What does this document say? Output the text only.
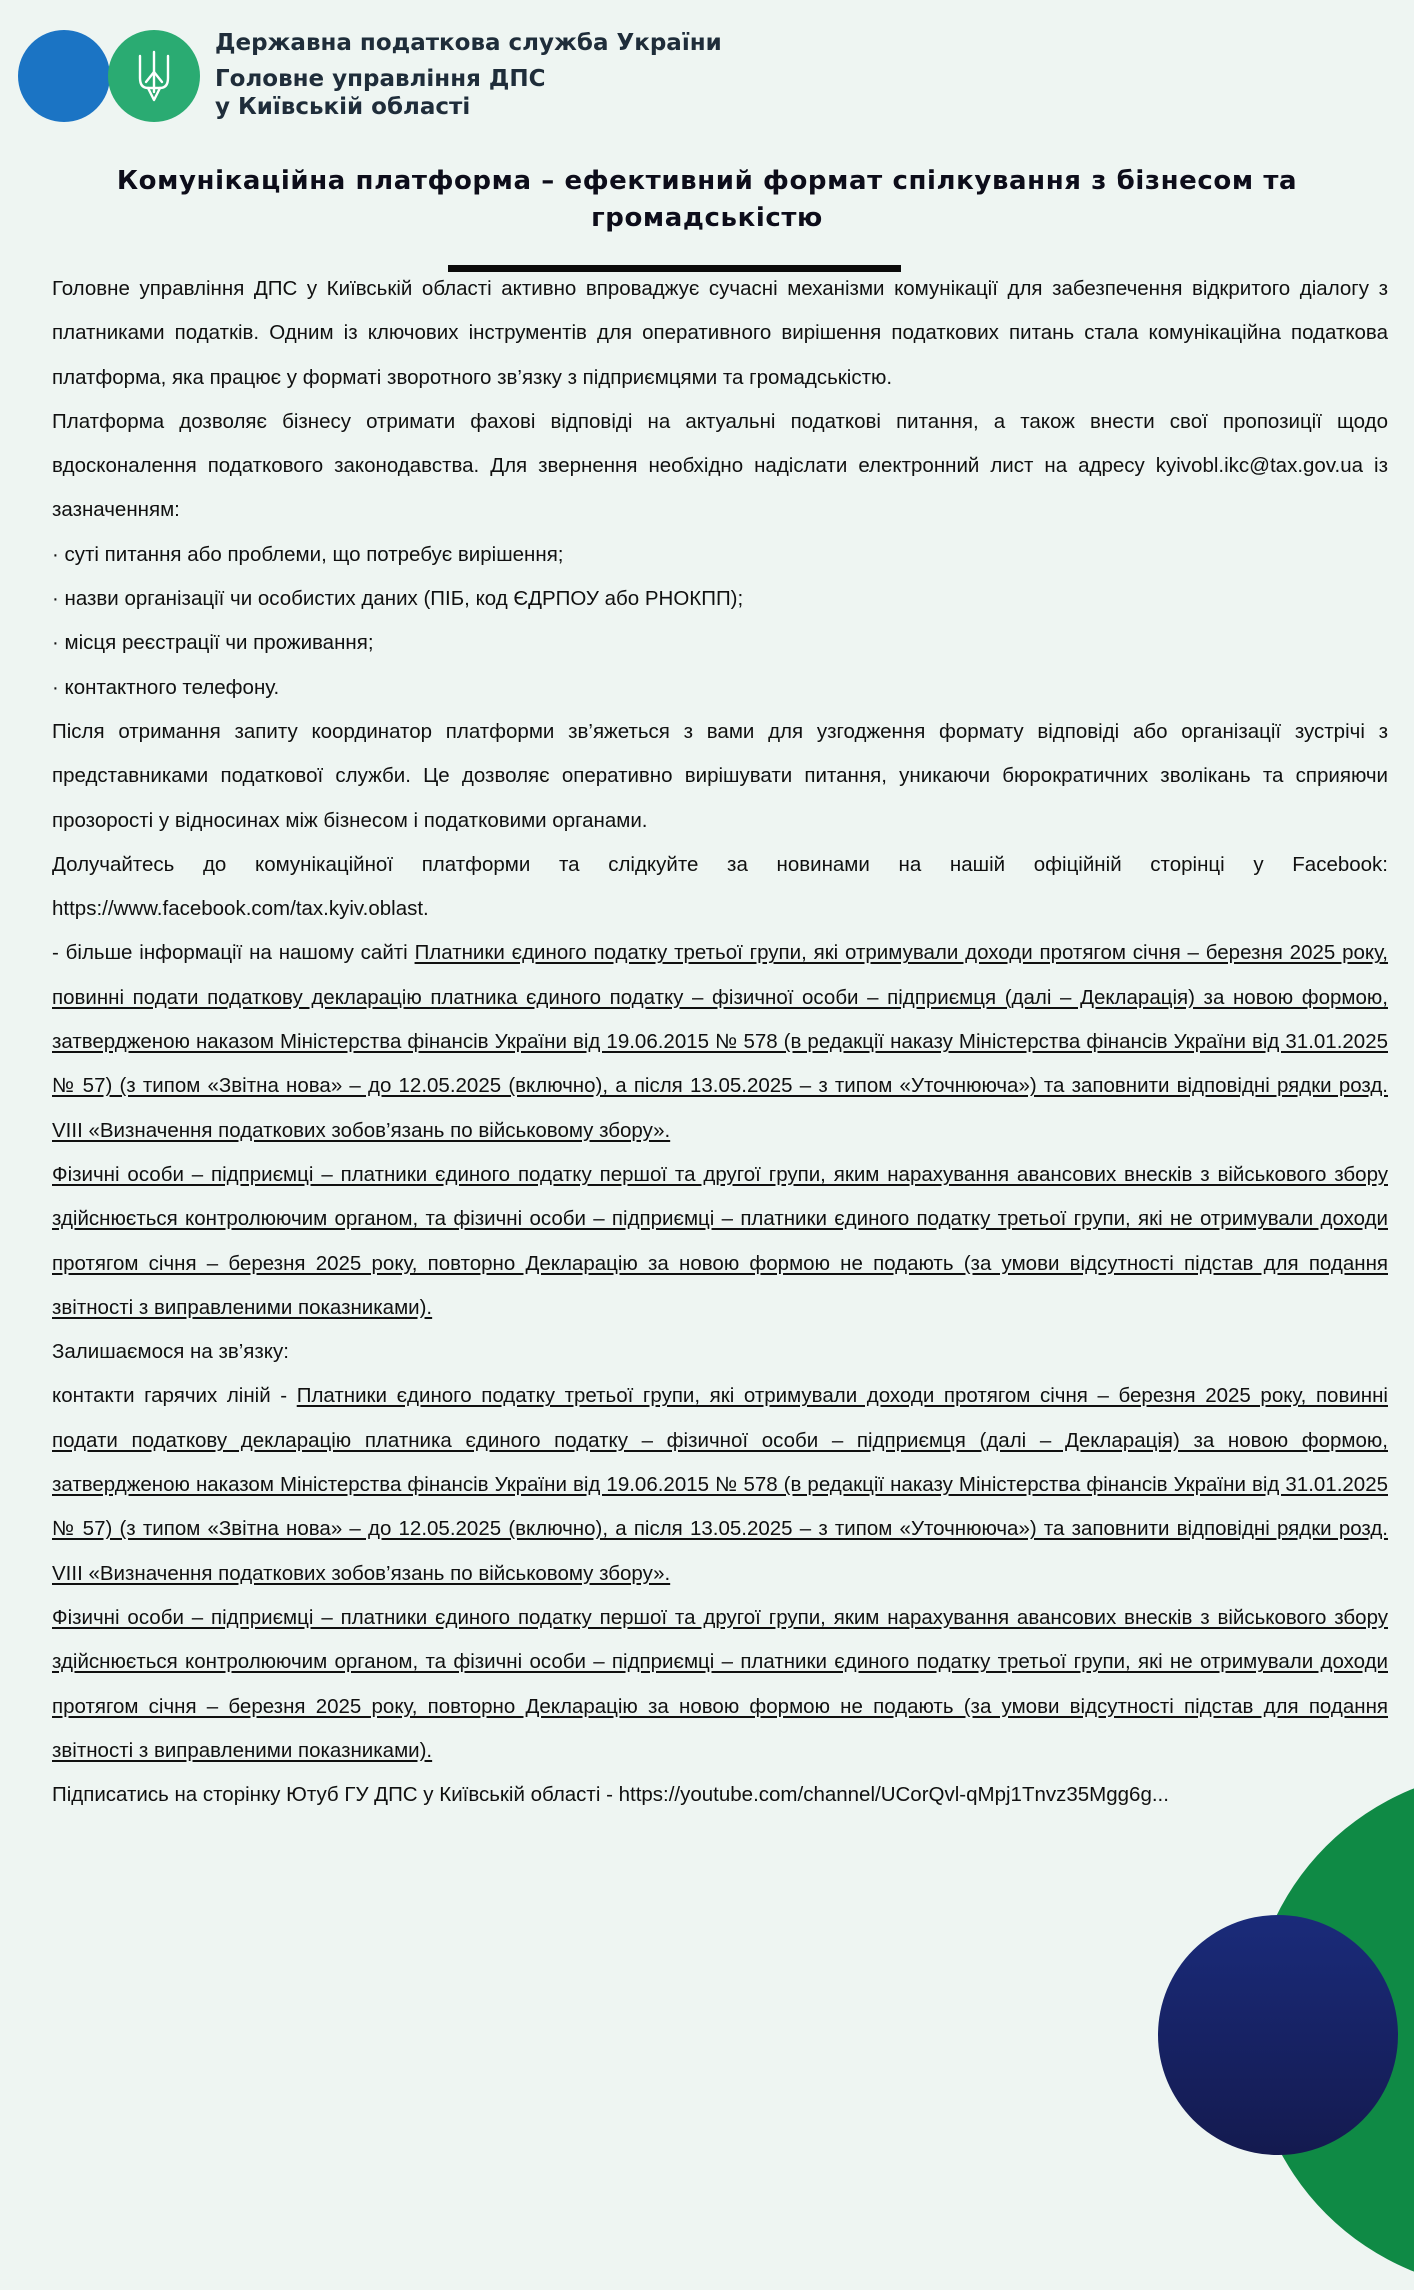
Державна податкова служба України
Головне управління ДПС
у Київській області
Комунікаційна платформа – ефективний формат спілкування з бізнесом та громадськістю

Головне управління ДПС у Київській області активно впроваджує сучасні механізми комунікації для забезпечення відкритого діалогу з платниками податків. Одним із ключових інструментів для оперативного вирішення податкових питань стала комунікаційна податкова платформа, яка працює у форматі зворотного зв’язку з підприємцями та громадськістю.

Платформа дозволяє бізнесу отримати фахові відповіді на актуальні податкові питання, а також внести свої пропозиції щодо вдосконалення податкового законодавства. Для звернення необхідно надіслати електронний лист на адресу kyivobl.ikc@tax.gov.ua із зазначенням:

· суті питання або проблеми, що потребує вирішення;

· назви організації чи особистих даних (ПІБ, код ЄДРПОУ або РНОКПП);

· місця реєстрації чи проживання;

· контактного телефону.

Після отримання запиту координатор платформи зв’яжеться з вами для узгодження формату відповіді або організації зустрічі з представниками податкової служби. Це дозволяє оперативно вирішувати питання, уникаючи бюрократичних зволікань та сприяючи прозорості у відносинах між бізнесом і податковими органами.

Долучайтесь до комунікаційної платформи та слідкуйте за новинами на нашій офіційній сторінці у Facebook: https://www.facebook.com/tax.kyiv.oblast.

- більше інформації на нашому сайті Платники єдиного податку третьої групи, які отримували доходи протягом січня – березня 2025 року, повинні подати податкову декларацію платника єдиного податку – фізичної особи – підприємця (далі – Декларація) за новою формою, затвердженою наказом Міністерства фінансів України від 19.06.2015 № 578 (в редакції наказу Міністерства фінансів України від 31.01.2025 № 57) (з типом «Звітна нова» – до 12.05.2025 (включно), а після 13.05.2025 – з типом «Уточнююча») та заповнити відповідні рядки розд. VIII «Визначення податкових зобов’язань по військовому збору».

Фізичні особи – підприємці – платники єдиного податку першої та другої групи, яким нарахування авансових внесків з військового збору здійснюється контролюючим органом, та фізичні особи – підприємці – платники єдиного податку третьої групи, які не отримували доходи протягом січня – березня 2025 року, повторно Декларацію за новою формою не подають (за умови відсутності підстав для подання звітності з виправленими показниками).

Залишаємося на зв’язку:

контакти гарячих ліній - Платники єдиного податку третьої групи, які отримували доходи протягом січня – березня 2025 року, повинні подати податкову декларацію платника єдиного податку – фізичної особи – підприємця (далі – Декларація) за новою формою, затвердженою наказом Міністерства фінансів України від 19.06.2015 № 578 (в редакції наказу Міністерства фінансів України від 31.01.2025 № 57) (з типом «Звітна нова» – до 12.05.2025 (включно), а після 13.05.2025 – з типом «Уточнююча») та заповнити відповідні рядки розд. VIII «Визначення податкових зобов’язань по військовому збору».

Фізичні особи – підприємці – платники єдиного податку першої та другої групи, яким нарахування авансових внесків з військового збору здійснюється контролюючим органом, та фізичні особи – підприємці – платники єдиного податку третьої групи, які не отримували доходи протягом січня – березня 2025 року, повторно Декларацію за новою формою не подають (за умови відсутності підстав для подання звітності з виправленими показниками).

Підписатись на сторінку Ютуб ГУ ДПС у Київській області - https://youtube.com/channel/UCorQvl-qMpj1Tnvz35Mgg6g...
